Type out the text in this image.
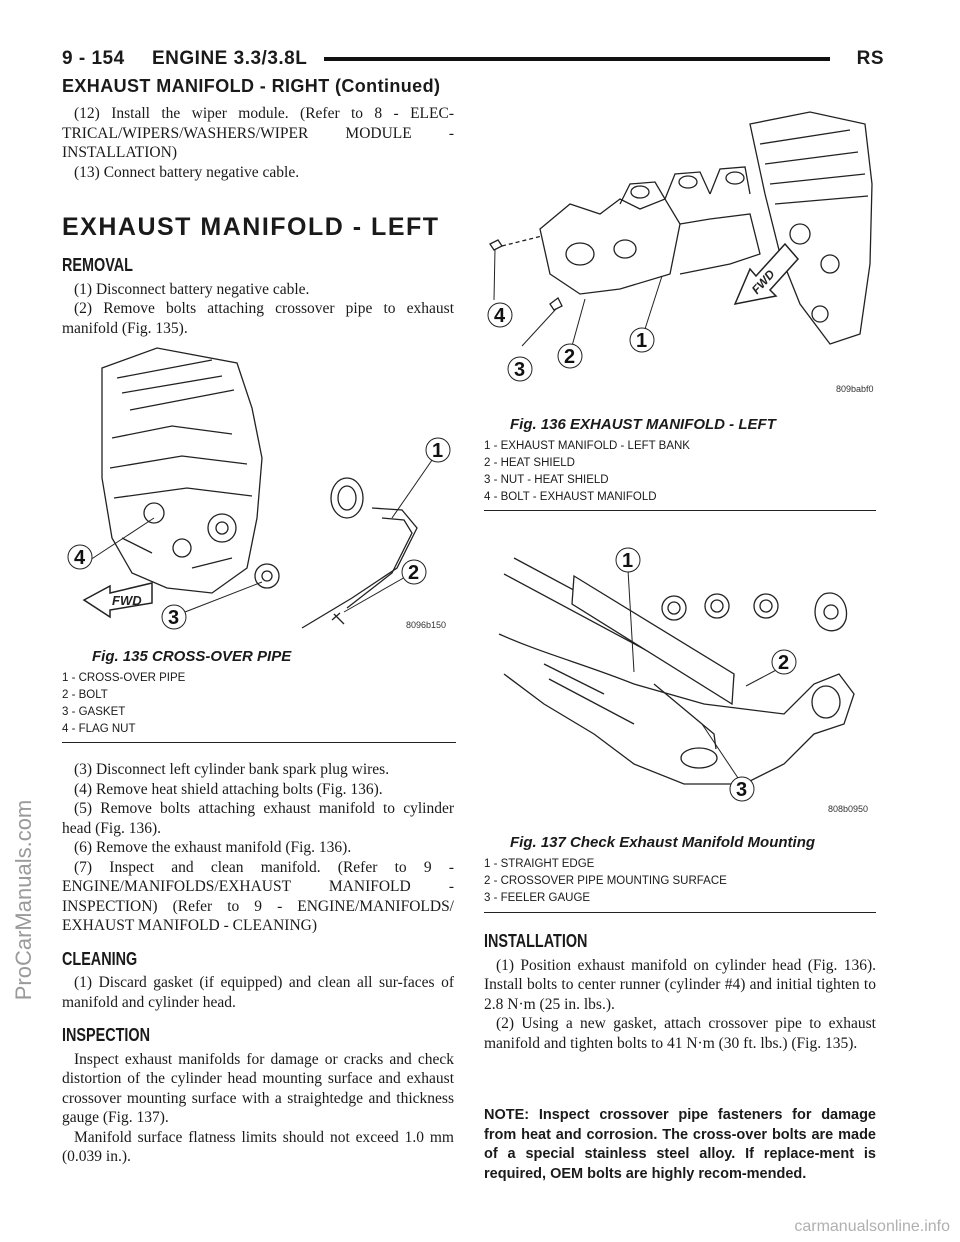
9 - 154 ENGINE 3.3/3.8L	RS
EXHAUST MANIFOLD - RIGHT (Continued)

(12) Install the wiper module. (Refer to 8 - ELEC-TRICAL/WIPERS/WASHERS/WIPER MODULE - INSTALLATION)

(13) Connect battery negative cable.

EXHAUST MANIFOLD - LEFT

REMOVAL

(1) Disconnect battery negative cable.

(2) Remove bolts attaching crossover pipe to exhaust manifold (Fig. 135).

FWD
1
2
3
4
8096b150
Fig. 135 CROSS-OVER PIPE
1 - CROSS-OVER PIPE
2 - BOLT
3 - GASKET
4 - FLAG NUT

(3) Disconnect left cylinder bank spark plug wires.

(4) Remove heat shield attaching bolts (Fig. 136).

(5) Remove bolts attaching exhaust manifold to cylinder head (Fig. 136).

(6) Remove the exhaust manifold (Fig. 136).

(7) Inspect and clean manifold. (Refer to 9 - ENGINE/MANIFOLDS/EXHAUST MANIFOLD - INSPECTION) (Refer to 9 - ENGINE/MANIFOLDS/ EXHAUST MANIFOLD - CLEANING)

CLEANING

(1) Discard gasket (if equipped) and clean all sur-faces of manifold and cylinder head.

INSPECTION

Inspect exhaust manifolds for damage or cracks and check distortion of the cylinder head mounting surface and exhaust crossover mounting surface with a straightedge and thickness gauge (Fig. 137).

Manifold surface flatness limits should not exceed 1.0 mm (0.039 in.).

FWD
1
2
3
4
809babf0
Fig. 136 EXHAUST MANIFOLD - LEFT
1 - EXHAUST MANIFOLD - LEFT BANK
2 - HEAT SHIELD
3 - NUT - HEAT SHIELD
4 - BOLT - EXHAUST MANIFOLD
1
2
3
808b0950
Fig. 137 Check Exhaust Manifold Mounting
1 - STRAIGHT EDGE
2 - CROSSOVER PIPE MOUNTING SURFACE
3 - FEELER GAUGE

INSTALLATION

(1) Position exhaust manifold on cylinder head (Fig. 136). Install bolts to center runner (cylinder #4) and initial tighten to 2.8 N·m (25 in. lbs.).

(2) Using a new gasket, attach crossover pipe to exhaust manifold and tighten bolts to 41 N·m (30 ft. lbs.) (Fig. 135).

NOTE: Inspect crossover pipe fasteners for damage from heat and corrosion. The cross-over bolts are made of a special stainless steel alloy. If replace-ment is required, OEM bolts are highly recom-mended.
ProCarManuals.com
carmanualsonline.info
